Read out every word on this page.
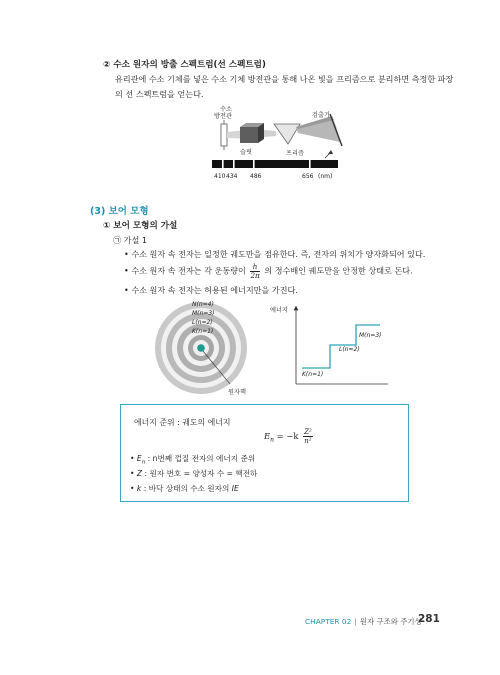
② 수소 원자의 방출 스펙트럼(선 스펙트럼)
유리관에 수소 기체를 넣은 수소 기체 방전관을 통해 나온 빛을 프리즘으로 분리하면 측정한 파장
의 선 스펙트럼을 얻는다.
수소
방전관
슬릿	프리즘
검출기
410 434 486	656 (nm)
(3) 보어 모형
① 보어 모형의 가설
㉠ 가설 1
• 수소 원자 속 전자는 일정한 궤도만을 점유한다. 즉, 전자의 위치가 양자화되어 있다.
• 수소 원자 속 전자는 각 운동량이 $\frac{h}{2\pi}$ 의 정수배인 궤도만을 안정한 상태로 돈다.
• 수소 원자 속 전자는 허용된 에너지만을 가진다.
원자핵
N(n=4)
M(n=3)
L(n=2)
K(n=1)
에너지
K(n=1)
L(n=2)
M(n=3)
에너지 준위 : 궤도의 에너지
$E_n = -k \frac{\text{Z²}}{\text{n²}}$
• $E_n$ : n번째 껍질 전자의 에너지 준위
• Z : 원자 번호 = 양성자 수 = 핵전하
• k : 바닥 상태의 수소 원자의 IE
CHAPTER 02 | 원자 구조와 주기성
281
